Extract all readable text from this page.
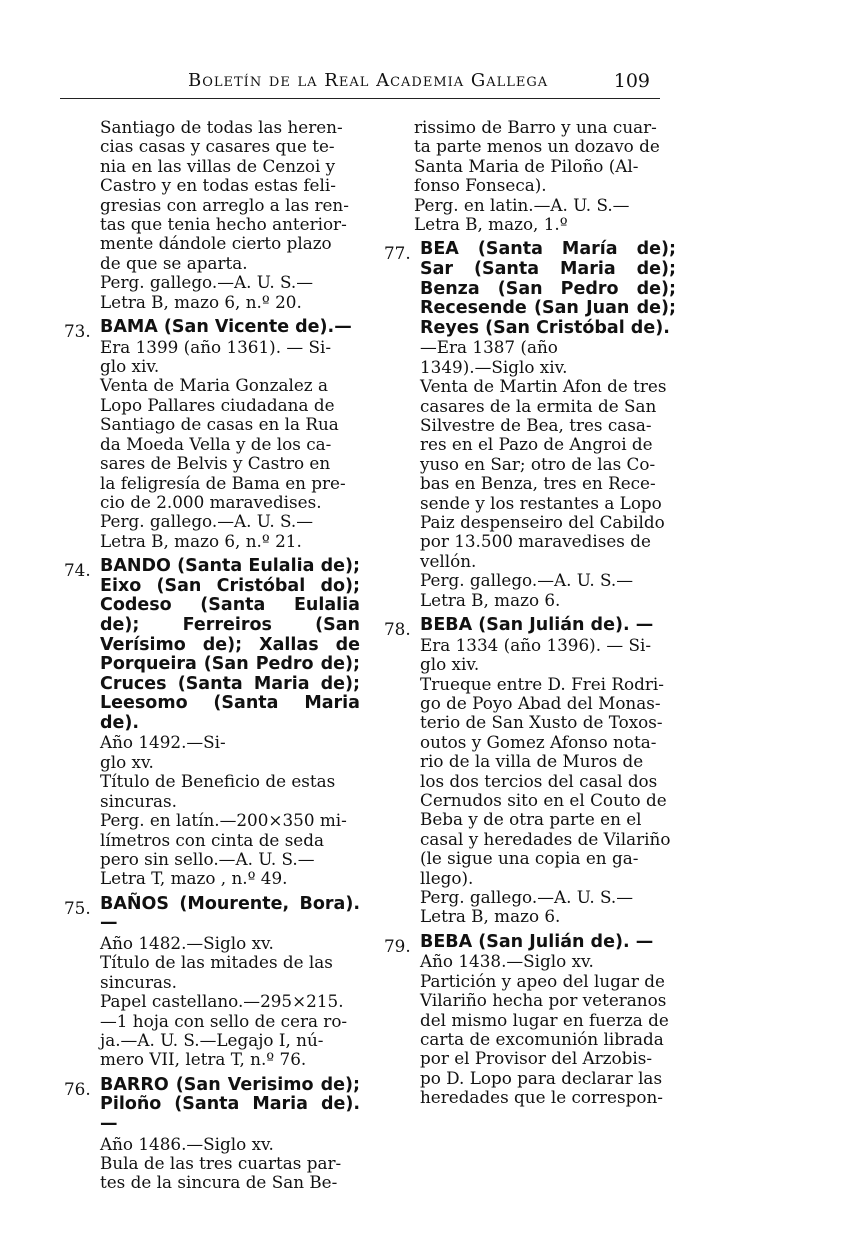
Boletín de la Real Academia Gallega	109
Santiago de todas las heren-
cias casas y casares que te-
nia en las villas de Cenzoi y
Castro y en todas estas feli-
gresias con arreglo a las ren-
tas que tenia hecho anterior-
mente dándole cierto plazo
de que se aparta.
Perg. gallego.—A. U. S.—
Letra B, mazo 6, n.º 20.
73. BAMA (San Vicente de).—
Era 1399 (año 1361). — Si-
glo xiv.
Venta de Maria Gonzalez a
Lopo Pallares ciudadana de
Santiago de casas en la Rua
da Moeda Vella y de los ca-
sares de Belvis y Castro en
la feligresía de Bama en pre-
cio de 2.000 maravedises.
Perg. gallego.—A. U. S.—
Letra B, mazo 6, n.º 21.
74. BANDO (Santa Eulalia de); Eixo (San Cristóbal do); Codeso (Santa Eulalia de); Ferreiros (San Verísimo de); Xallas de Porqueira (San Pedro de); Cruces (Santa Maria de); Leesomo (Santa Maria de).
Año 1492.—Si-
glo xv.
Título de Beneficio de estas
sincuras.
Perg. en latín.—200×350 mi-
límetros con cinta de seda
pero sin sello.—A. U. S.—
Letra T, mazo , n.º 49.
75. BAÑOS (Mourente, Bora).—
Año 1482.—Siglo xv.
Título de las mitades de las
sincuras.
Papel castellano.—295×215.
—1 hoja con sello de cera ro-
ja.—A. U. S.—Legajo I, nú-
mero VII, letra T, n.º 76.
76. BARRO (San Verisimo de); Piloño (Santa Maria de). —
Año 1486.—Siglo xv.
Bula de las tres cuartas par-
tes de la sincura de San Be-
rissimo de Barro y una cuar-
ta parte menos un dozavo de
Santa Maria de Piloño (Al-
fonso Fonseca).
Perg. en latin.—A. U. S.—
Letra B, mazo, 1.º
77. BEA (Santa María de); Sar (Santa Maria de); Benza (San Pedro de); Recesende (San Juan de); Reyes (San Cristóbal de).
—Era 1387 (año
1349).—Siglo xiv.
Venta de Martin Afon de tres
casares de la ermita de San
Silvestre de Bea, tres casa-
res en el Pazo de Angroi de
yuso en Sar; otro de las Co-
bas en Benza, tres en Rece-
sende y los restantes a Lopo
Paiz despenseiro del Cabildo
por 13.500 maravedises de
vellón.
Perg. gallego.—A. U. S.—
Letra B, mazo 6.
78. BEBA (San Julián de). —
Era 1334 (año 1396). — Si-
glo xiv.
Trueque entre D. Frei Rodri-
go de Poyo Abad del Monas-
terio de San Xusto de Toxos-
outos y Gomez Afonso nota-
rio de la villa de Muros de
los dos tercios del casal dos
Cernudos sito en el Couto de
Beba y de otra parte en el
casal y heredades de Vilariño
(le sigue una copia en ga-
llego).
Perg. gallego.—A. U. S.—
Letra B, mazo 6.
79. BEBA (San Julián de). —
Año 1438.—Siglo xv.
Partición y apeo del lugar de
Vilariño hecha por veteranos
del mismo lugar en fuerza de
carta de excomunión librada
por el Provisor del Arzobis-
po D. Lopo para declarar las
heredades que le correspon-
